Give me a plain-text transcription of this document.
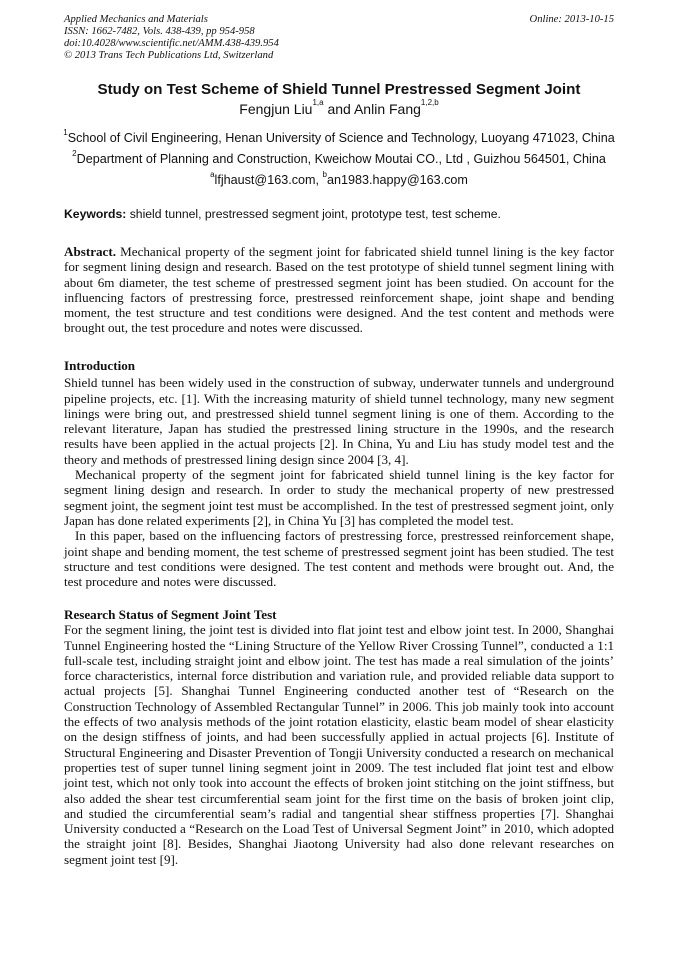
Applied Mechanics and Materials
ISSN: 1662-7482, Vols. 438-439, pp 954-958
doi:10.4028/www.scientific.net/AMM.438-439.954
© 2013 Trans Tech Publications Ltd, Switzerland
Online: 2013-10-15
Study on Test Scheme of Shield Tunnel Prestressed Segment Joint
Fengjun Liu$^{1,a}$ and Anlin Fang$^{1,2,b}$
$^1$School of Civil Engineering, Henan University of Science and Technology, Luoyang 471023, China
$^2$Department of Planning and Construction, Kweichow Moutai CO., Ltd , Guizhou 564501, China
$^a$lfjhaust@163.com, $^b$an1983.happy@163.com
Keywords: shield tunnel, prestressed segment joint, prototype test, test scheme.

Abstract. Mechanical property of the segment joint for fabricated shield tunnel lining is the key factor for segment lining design and research. Based on the test prototype of shield tunnel segment lining with about 6m diameter, the test scheme of prestressed segment joint has been studied. On account for the influencing factors of prestressing force, prestressed reinforcement shape, joint shape and bending moment, the test structure and test conditions were designed. And the test content and methods were brought out, the test procedure and notes were discussed.

Introduction

Shield tunnel has been widely used in the construction of subway, underwater tunnels and underground pipeline projects, etc. [1]. With the increasing maturity of shield tunnel technology, many new segment linings were bring out, and prestressed shield tunnel segment lining is one of them. According to the relevant literature, Japan has studied the prestressed lining structure in the 1990s, and the research results have been applied in the actual projects [2]. In China, Yu and Liu has study model test and the theory and methods of prestressed lining design since 2004 [3, 4].

Mechanical property of the segment joint for fabricated shield tunnel lining is the key factor for segment lining design and research. In order to study the mechanical property of new prestressed segment joint, the segment joint test must be accomplished. In the test of prestressed segment joint, only Japan has done related experiments [2], in China Yu [3] has completed the model test.

In this paper, based on the influencing factors of prestressing force, prestressed reinforcement shape, joint shape and bending moment, the test scheme of prestressed segment joint has been studied. The test structure and test conditions were designed. The test content and methods were brought out. And, the test procedure and notes were discussed.

Research Status of Segment Joint Test

For the segment lining, the joint test is divided into flat joint test and elbow joint test. In 2000, Shanghai Tunnel Engineering hosted the “Lining Structure of the Yellow River Crossing Tunnel”, conducted a 1:1 full-scale test, including straight joint and elbow joint. The test has made a real simulation of the joints’ force characteristics, internal force distribution and variation rule, and provided reliable data support to actual projects [5]. Shanghai Tunnel Engineering conducted another test of “Research on the Construction Technology of Assembled Rectangular Tunnel” in 2006. This job mainly took into account the effects of two analysis methods of the joint rotation elasticity, elastic beam model of shear elasticity on the design stiffness of joints, and had been successfully applied in actual projects [6]. Institute of Structural Engineering and Disaster Prevention of Tongji University conducted a research on mechanical properties test of super tunnel lining segment joint in 2009. The test included flat joint test and elbow joint test, which not only took into account the effects of broken joint stitching on the joint stiffness, but also added the shear test circumferential seam joint for the first time on the basis of broken joint clip, and studied the circumferential seam’s radial and tangential shear stiffness properties [7]. Shanghai University conducted a “Research on the Load Test of Universal Segment Joint” in 2010, which adopted the straight joint [8]. Besides, Shanghai Jiaotong University had also done relevant researches on segment joint test [9].
